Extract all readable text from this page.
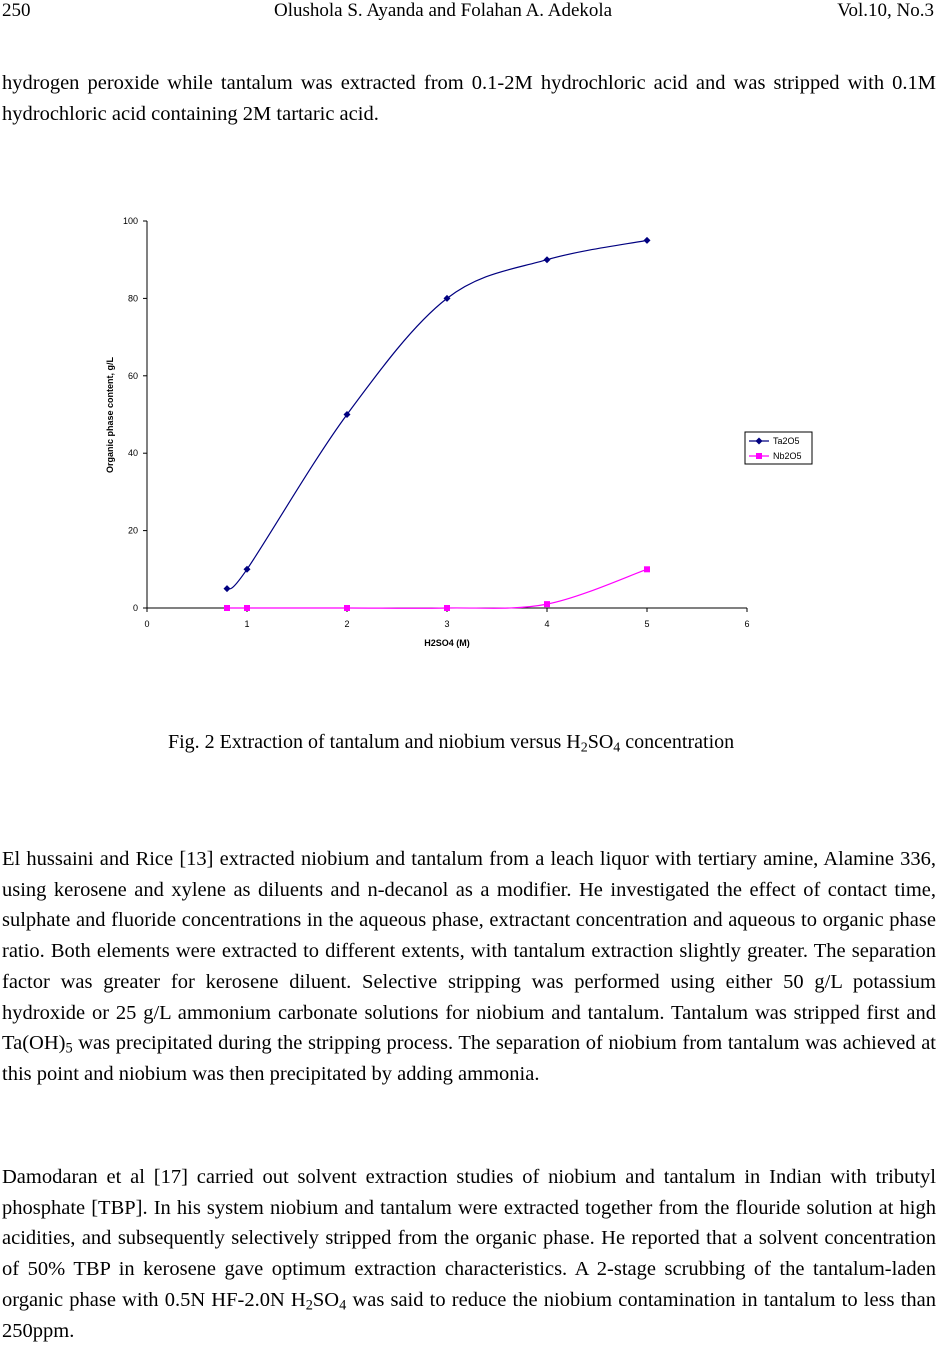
250	Olushola S. Ayanda and Folahan A. Adekola	Vol.10, No.3

hydrogen peroxide while tantalum was extracted from 0.1-2M hydrochloric acid and was stripped with 0.1M hydrochloric acid containing 2M tartaric acid.

0
20
40
60
80
100
0	1	2	3	4	5	6
H2SO4 (M)
Organic phase content, g/L	Ta2O5
Nb2O5
Fig. 2 Extraction of tantalum and niobium versus $H_2SO_4$ concentration

El hussaini and Rice [13] extracted niobium and tantalum from a leach liquor with tertiary amine, Alamine 336, using kerosene and xylene as diluents and n-decanol as a modifier. He investigated the effect of contact time, sulphate and fluoride concentrations in the aqueous phase, extractant concentration and aqueous to organic phase ratio. Both elements were extracted to different extents, with tantalum extraction slightly greater. The separation factor was greater for kerosene diluent. Selective stripping was performed using either 50 g/L potassium hydroxide or 25 g/L ammonium carbonate solutions for niobium and tantalum. Tantalum was stripped first and $Ta(OH)_5$ was precipitated during the stripping process. The separation of niobium from tantalum was achieved at this point and niobium was then precipitated by adding ammonia.

Damodaran et al [17] carried out solvent extraction studies of niobium and tantalum in Indian with tributyl phosphate [TBP]. In his system niobium and tantalum were extracted together from the flouride solution at high acidities, and subsequently selectively stripped from the organic phase. He reported that a solvent concentration of 50% TBP in kerosene gave optimum extraction characteristics. A 2-stage scrubbing of the tantalum-laden organic phase with 0.5N HF-2.0N $H_2SO_4$ was said to reduce the niobium contamination in tantalum to less than 250ppm.
